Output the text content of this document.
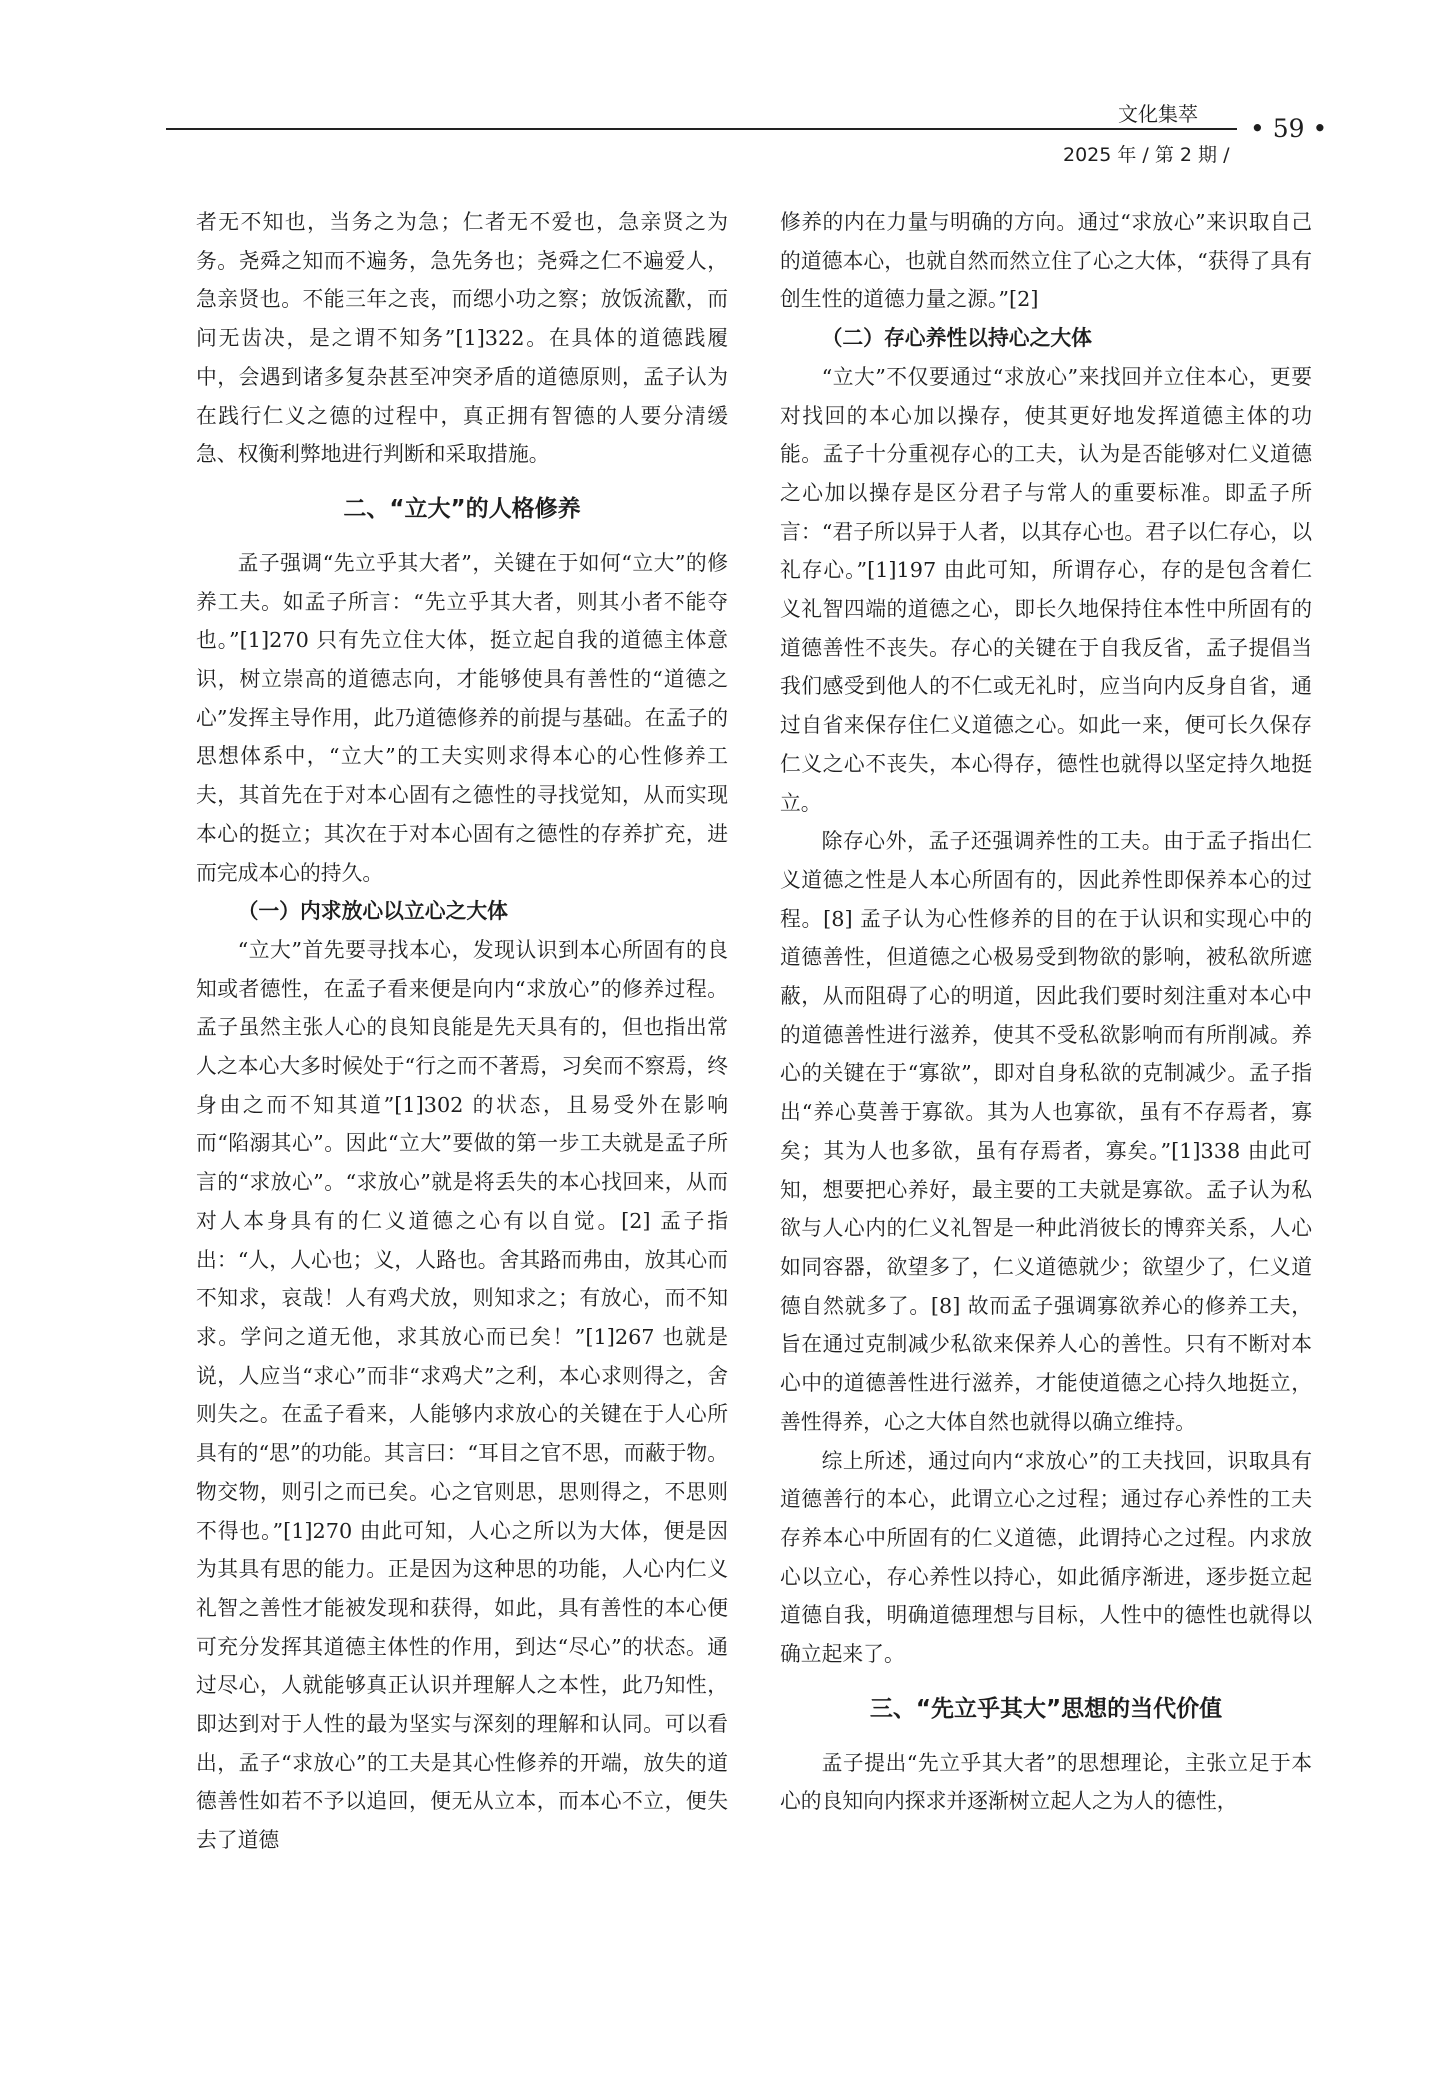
文化集萃 • 59 •
2025 年 / 第 2 期 /

者无不知也，当务之为急；仁者无不爱也，急亲贤之为务。尧舜之知而不遍务，急先务也；尧舜之仁不遍爱人，急亲贤也。不能三年之丧，而缌小功之察；放饭流歠，而问无齿决，是之谓不知务”[1]322。在具体的道德践履中，会遇到诸多复杂甚至冲突矛盾的道德原则，孟子认为在践行仁义之德的过程中，真正拥有智德的人要分清缓急、权衡利弊地进行判断和采取措施。

二、“立大”的人格修养

孟子强调“先立乎其大者”，关键在于如何“立大”的修养工夫。如孟子所言：“先立乎其大者，则其小者不能夺也。”[1]270 只有先立住大体，挺立起自我的道德主体意识，树立崇高的道德志向，才能够使具有善性的“道德之心”发挥主导作用，此乃道德修养的前提与基础。在孟子的思想体系中，“立大”的工夫实则求得本心的心性修养工夫，其首先在于对本心固有之德性的寻找觉知，从而实现本心的挺立；其次在于对本心固有之德性的存养扩充，进而完成本心的持久。

（一）内求放心以立心之大体

“立大”首先要寻找本心，发现认识到本心所固有的良知或者德性，在孟子看来便是向内“求放心”的修养过程。孟子虽然主张人心的良知良能是先天具有的，但也指出常人之本心大多时候处于“行之而不著焉，习矣而不察焉，终身由之而不知其道”[1]302 的状态，且易受外在影响而“陷溺其心”。因此“立大”要做的第一步工夫就是孟子所言的“求放心”。“求放心”就是将丢失的本心找回来，从而对人本身具有的仁义道德之心有以自觉。[2] 孟子指出：“人，人心也；义，人路也。舍其路而弗由，放其心而不知求，哀哉！人有鸡犬放，则知求之；有放心，而不知求。学问之道无他，求其放心而已矣！”[1]267 也就是说，人应当“求心”而非“求鸡犬”之利，本心求则得之，舍则失之。在孟子看来，人能够内求放心的关键在于人心所具有的“思”的功能。其言曰：“耳目之官不思，而蔽于物。物交物，则引之而已矣。心之官则思，思则得之，不思则不得也。”[1]270 由此可知，人心之所以为大体，便是因为其具有思的能力。正是因为这种思的功能，人心内仁义礼智之善性才能被发现和获得，如此，具有善性的本心便可充分发挥其道德主体性的作用，到达“尽心”的状态。通过尽心，人就能够真正认识并理解人之本性，此乃知性，即达到对于人性的最为坚实与深刻的理解和认同。可以看出，孟子“求放心”的工夫是其心性修养的开端，放失的道德善性如若不予以追回，便无从立本，而本心不立，便失去了道德

修养的内在力量与明确的方向。通过“求放心”来识取自己的道德本心，也就自然而然立住了心之大体，“获得了具有创生性的道德力量之源。”[2]

（二）存心养性以持心之大体

“立大”不仅要通过“求放心”来找回并立住本心，更要对找回的本心加以操存，使其更好地发挥道德主体的功能。孟子十分重视存心的工夫，认为是否能够对仁义道德之心加以操存是区分君子与常人的重要标准。即孟子所言：“君子所以异于人者，以其存心也。君子以仁存心，以礼存心。”[1]197 由此可知，所谓存心，存的是包含着仁义礼智四端的道德之心，即长久地保持住本性中所固有的道德善性不丧失。存心的关键在于自我反省，孟子提倡当我们感受到他人的不仁或无礼时，应当向内反身自省，通过自省来保存住仁义道德之心。如此一来，便可长久保存仁义之心不丧失，本心得存，德性也就得以坚定持久地挺立。

除存心外，孟子还强调养性的工夫。由于孟子指出仁义道德之性是人本心所固有的，因此养性即保养本心的过程。[8] 孟子认为心性修养的目的在于认识和实现心中的道德善性，但道德之心极易受到物欲的影响，被私欲所遮蔽，从而阻碍了心的明道，因此我们要时刻注重对本心中的道德善性进行滋养，使其不受私欲影响而有所削减。养心的关键在于“寡欲”，即对自身私欲的克制减少。孟子指出“养心莫善于寡欲。其为人也寡欲，虽有不存焉者，寡矣；其为人也多欲，虽有存焉者，寡矣。”[1]338 由此可知，想要把心养好，最主要的工夫就是寡欲。孟子认为私欲与人心内的仁义礼智是一种此消彼长的博弈关系，人心如同容器，欲望多了，仁义道德就少；欲望少了，仁义道德自然就多了。[8] 故而孟子强调寡欲养心的修养工夫，旨在通过克制减少私欲来保养人心的善性。只有不断对本心中的道德善性进行滋养，才能使道德之心持久地挺立，善性得养，心之大体自然也就得以确立维持。

综上所述，通过向内“求放心”的工夫找回，识取具有道德善行的本心，此谓立心之过程；通过存心养性的工夫存养本心中所固有的仁义道德，此谓持心之过程。内求放心以立心，存心养性以持心，如此循序渐进，逐步挺立起道德自我，明确道德理想与目标，人性中的德性也就得以确立起来了。

三、“先立乎其大”思想的当代价值

孟子提出“先立乎其大者”的思想理论，主张立足于本心的良知向内探求并逐渐树立起人之为人的德性，
